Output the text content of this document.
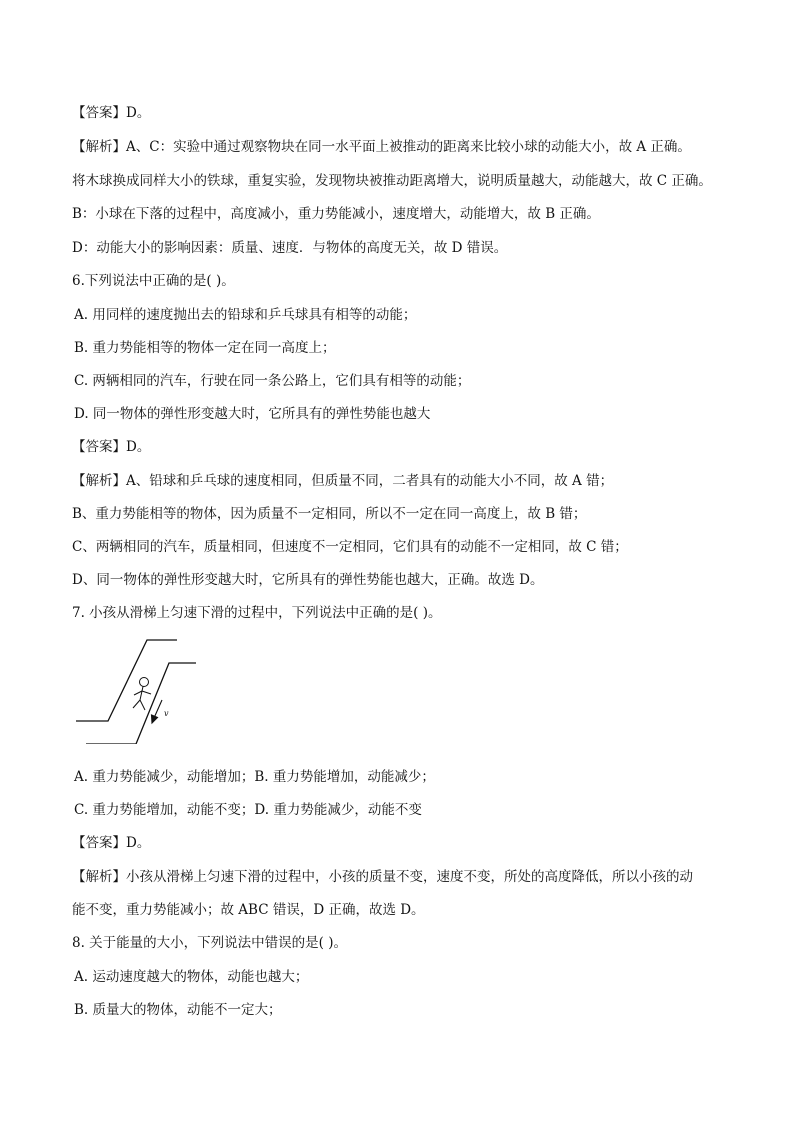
【答案】D。
【解析】A、C：实验中通过观察物块在同一水平面上被推动的距离来比较小球的动能大小，故 A 正确。
将木球换成同样大小的铁球，重复实验，发现物块被推动距离增大，说明质量越大，动能越大，故 C 正确。
B：小球在下落的过程中，高度减小，重力势能减小，速度增大，动能增大，故 B 正确。
D：动能大小的影响因素：质量、速度．与物体的高度无关，故 D 错误。
6.下列说法中正确的是( )。
A. 用同样的速度抛出去的铅球和乒乓球具有相等的动能；
B. 重力势能相等的物体一定在同一高度上；
C. 两辆相同的汽车，行驶在同一条公路上，它们具有相等的动能；
D. 同一物体的弹性形变越大时，它所具有的弹性势能也越大
【答案】D。
【解析】A、铅球和乒乓球的速度相同，但质量不同，二者具有的动能大小不同，故 A 错；
B、重力势能相等的物体，因为质量不一定相同，所以不一定在同一高度上，故 B 错；
C、两辆相同的汽车，质量相同，但速度不一定相同，它们具有的动能不一定相同，故 C 错；
D、同一物体的弹性形变越大时，它所具有的弹性势能也越大，正确。故选 D。
7. 小孩从滑梯上匀速下滑的过程中，下列说法中正确的是( )。
v
A. 重力势能减少，动能增加；B. 重力势能增加，动能减少；
C. 重力势能增加，动能不变；D. 重力势能减少，动能不变
【答案】D。
【解析】小孩从滑梯上匀速下滑的过程中，小孩的质量不变，速度不变，所处的高度降低，所以小孩的动
能不变，重力势能减小；故 ABC 错误，D 正确，故选 D。
8. 关于能量的大小，下列说法中错误的是( )。
A. 运动速度越大的物体，动能也越大；
B. 质量大的物体，动能不一定大；
